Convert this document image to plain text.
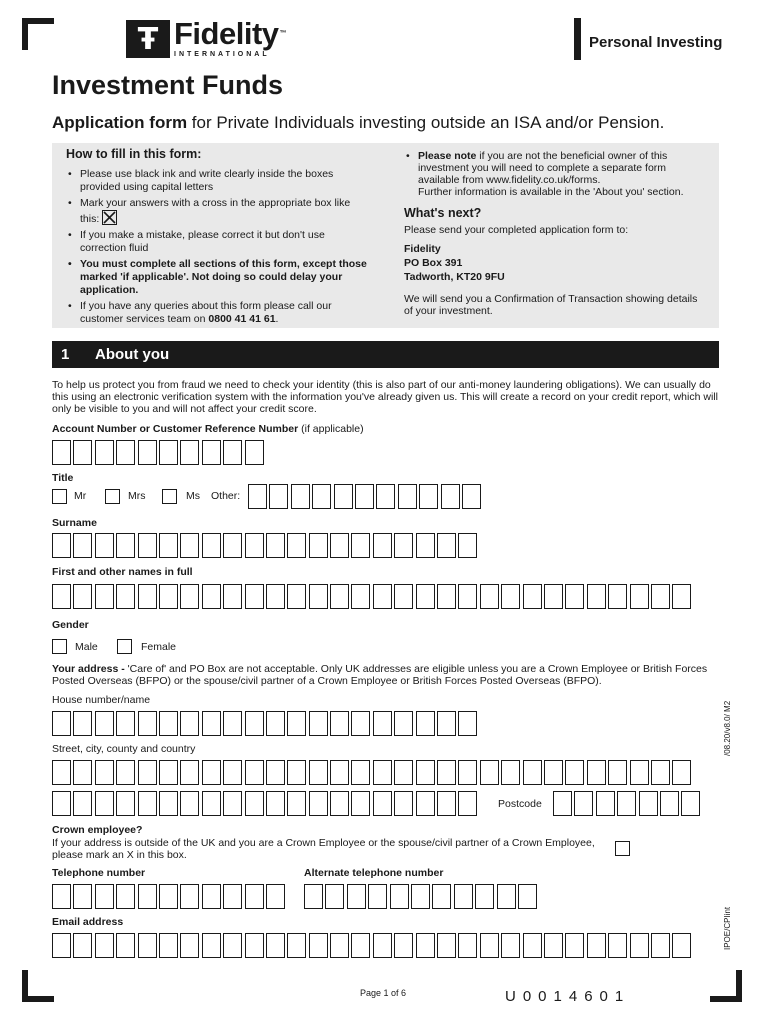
Ŧ Fidelity ™
INTERNATIONAL
Personal Investing
Investment Funds
Application form for Private Individuals investing outside an ISA and/or Pension.
How to fill in this form:
• Please use black ink and write clearly inside the boxes provided using capital letters
• Mark your answers with a cross in the appropriate box like this:
• If you make a mistake, please correct it but don't use correction fluid
• You must complete all sections of this form, except those marked 'if applicable'. Not doing so could delay your application.
• If you have any queries about this form please call our customer services team on 0800 41 41 61.
• Please note if you are not the beneficial owner of this investment you will need to complete a separate form available from www.fidelity.co.uk/forms.
Further information is available in the 'About you' section.
What's next?
Please send your completed application form to:
Fidelity
PO Box 391
Tadworth, KT20 9FU
We will send you a Confirmation of Transaction showing details of your investment.
1	About you
To help us protect you from fraud we need to check your identity (this is also part of our anti-money laundering obligations). We can usually do this using an electronic verification system with the information you've already given us. This will create a record on your credit report, which will only be visible to you and will not affect your credit score.
Account Number or Customer Reference Number (if applicable)
Title
Mr	Mrs	Ms Other:
Surname
First and other names in full
Gender
Male	Female
Your address - 'Care of' and PO Box are not acceptable. Only UK addresses are eligible unless you are a Crown Employee or British Forces Posted Overseas (BFPO) or the spouse/civil partner of a Crown Employee or British Forces Posted Overseas (BFPO).
House number/name
Street, city, county and country
Postcode
Crown employee?
If your address is outside of the UK and you are a Crown Employee or the spouse/civil partner of a Crown Employee, please mark an X in this box.
Telephone number	Alternate telephone number
Email address
/08.20/v8.0/ M2
IPOE/CPIint
Page 1 of 6	U0014601
